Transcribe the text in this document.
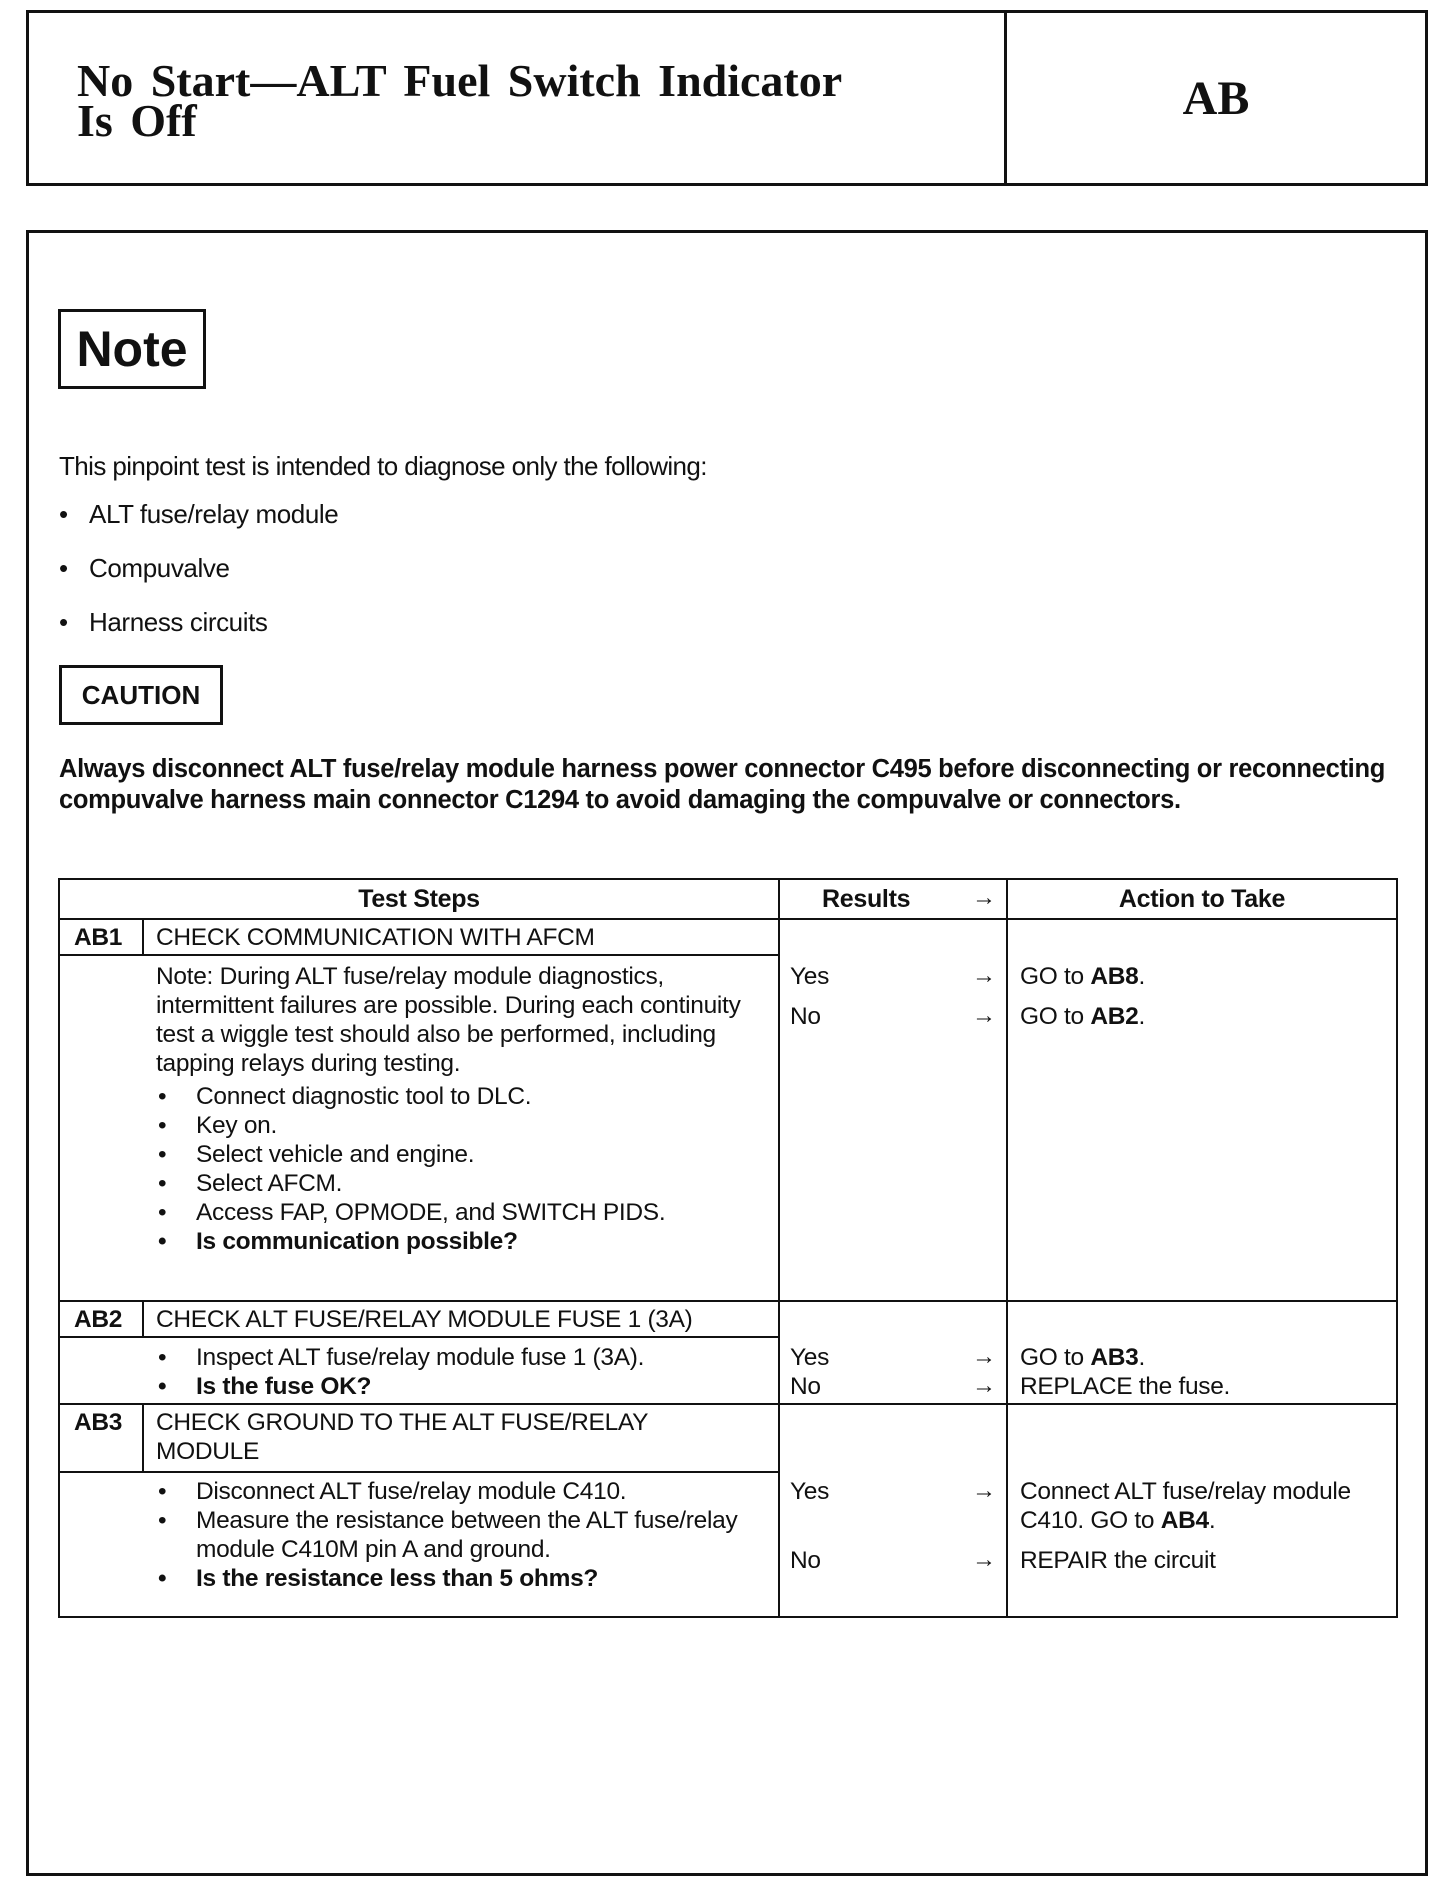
No Start—ALT Fuel Switch Indicator
Is Off	AB
Note
This pinpoint test is intended to diagnose only the following:
• ALT fuse/relay module
• Compuvalve
• Harness circuits
CAUTION
Always disconnect ALT fuse/relay module harness power connector C495 before disconnecting or reconnecting compuvalve harness main connector C1294 to avoid damaging the compuvalve or connectors.
Test Steps	Results	→	Action to Take
AB1 CHECK COMMUNICATION WITH AFCM
Note: During ALT fuse/relay module diagnostics, intermittent failures are possible. During each continuity test a wiggle test should also be performed, including tapping relays during testing.
• Connect diagnostic tool to DLC.
• Key on.
• Select vehicle and engine.
• Select AFCM.
• Access FAP, OPMODE, and SWITCH PIDS.
• Is communication possible?
Yes	→ GO to AB8.
No	→ GO to AB2.
AB2 CHECK ALT FUSE/RELAY MODULE FUSE 1 (3A)
• Inspect ALT fuse/relay module fuse 1 (3A).
• Is the fuse OK?
Yes	→ GO to AB3.
No	→ REPLACE the fuse.
AB3 CHECK GROUND TO THE ALT FUSE/RELAY MODULE
• Disconnect ALT fuse/relay module C410.
• Measure the resistance between the ALT fuse/relay module C410M pin A and ground.
• Is the resistance less than 5 ohms?
Yes	→ Connect ALT fuse/relay module C410. GO to AB4.
No	→ REPAIR the circuit
